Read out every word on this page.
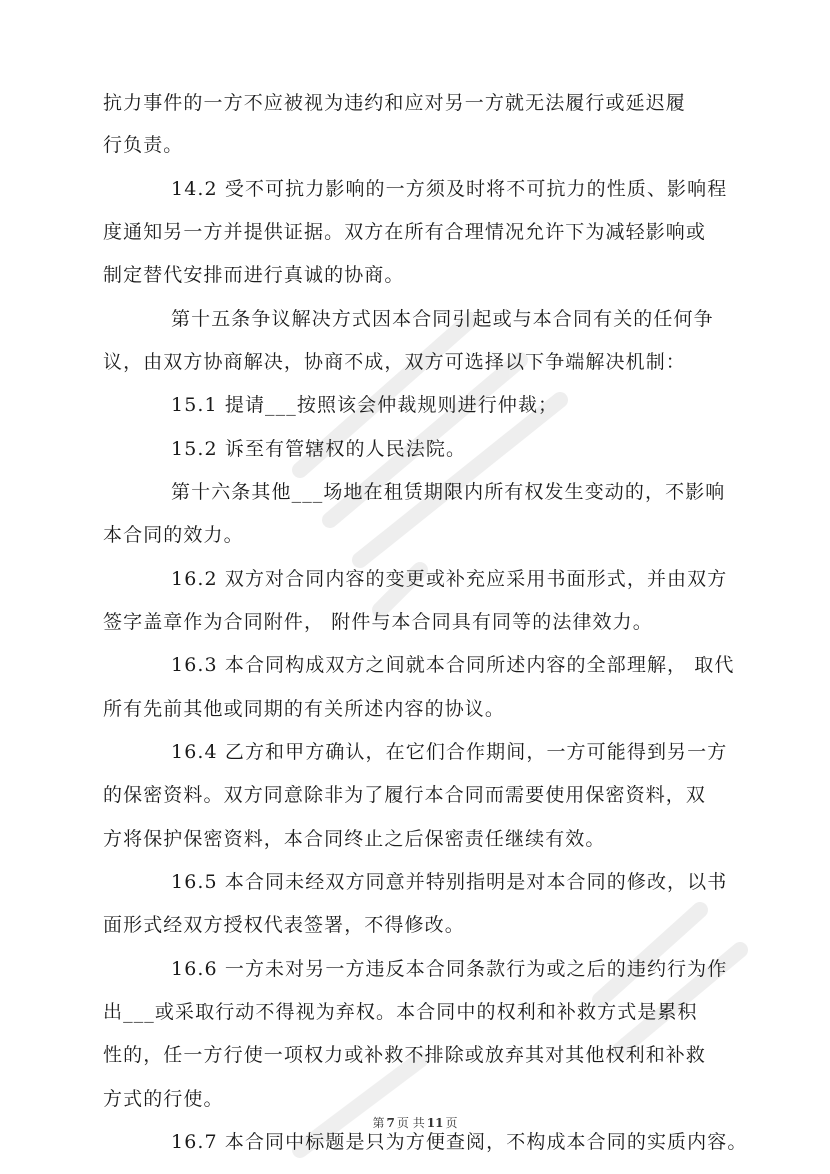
抗力事件的一方不应被视为违约和应对另一方就无法履行或延迟履
行负责。
14.2 受不可抗力影响的一方须及时将不可抗力的性质、影响程
度通知另一方并提供证据。双方在所有合理情况允许下为减轻影响或
制定替代安排而进行真诚的协商。
第十五条争议解决方式因本合同引起或与本合同有关的任何争
议，由双方协商解决，协商不成，双方可选择以下争端解决机制：
15.1 提请___按照该会仲裁规则进行仲裁；
15.2 诉至有管辖权的人民法院。
第十六条其他___场地在租赁期限内所有权发生变动的，不影响
本合同的效力。
16.2 双方对合同内容的变更或补充应采用书面形式，并由双方
签字盖章作为合同附件， 附件与本合同具有同等的法律效力。
16.3 本合同构成双方之间就本合同所述内容的全部理解， 取代
所有先前其他或同期的有关所述内容的协议。
16.4 乙方和甲方确认，在它们合作期间，一方可能得到另一方
的保密资料。双方同意除非为了履行本合同而需要使用保密资料，双
方将保护保密资料，本合同终止之后保密责任继续有效。
16.5 本合同未经双方同意并特别指明是对本合同的修改，以书
面形式经双方授权代表签署，不得修改。
16.6 一方未对另一方违反本合同条款行为或之后的违约行为作
出___或采取行动不得视为弃权。本合同中的权利和补救方式是累积
性的，任一方行使一项权力或补救不排除或放弃其对其他权利和补救
方式的行使。
16.7 本合同中标题是只为方便查阅，不构成本合同的实质内容。
第 7 页 共 11 页
